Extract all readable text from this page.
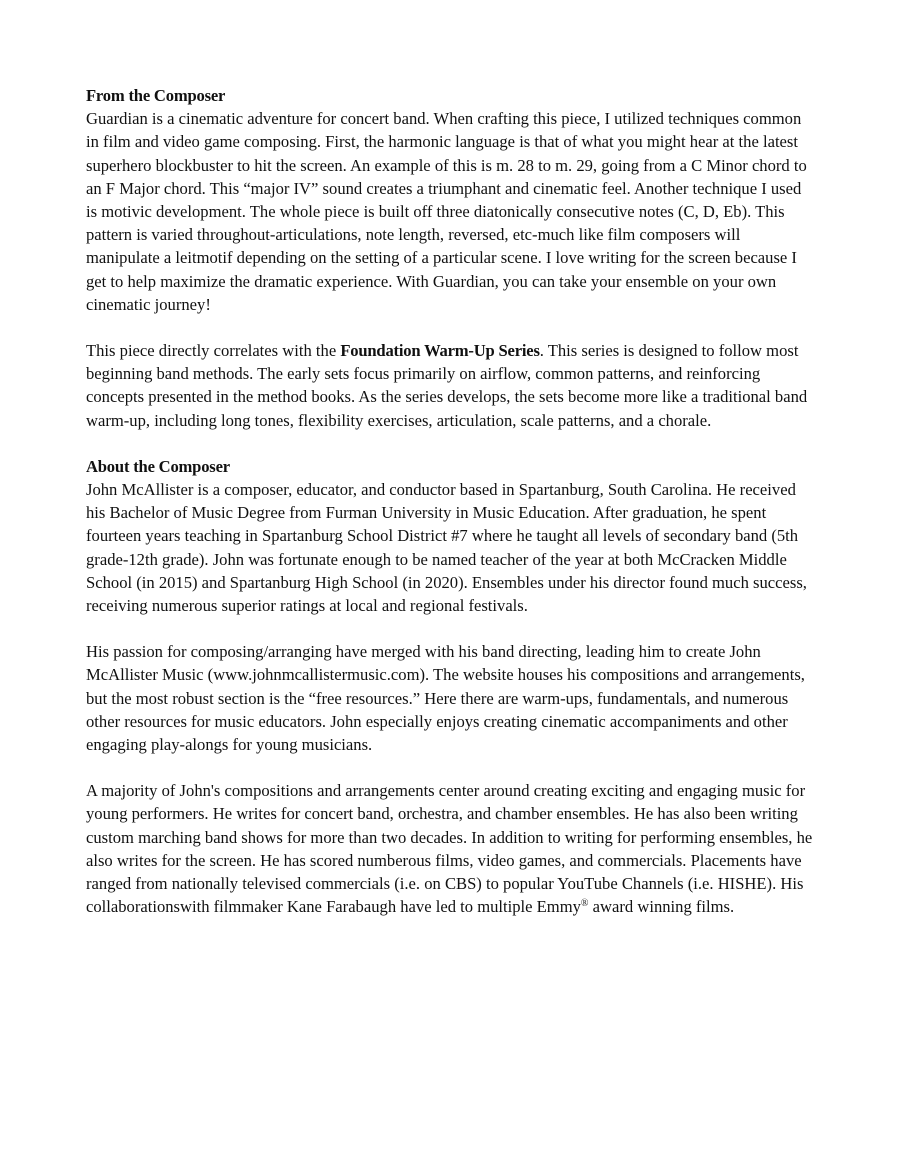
From the Composer

Guardian is a cinematic adventure for concert band. When crafting this piece, I utilized techniques common in film and video game composing. First, the harmonic language is that of what you might hear at the latest superhero blockbuster to hit the screen. An example of this is m. 28 to m. 29, going from a C Minor chord to an F Major chord. This “major IV” sound creates a triumphant and cinematic feel. Another technique I used is motivic development. The whole piece is built off three diatonically consecutive notes (C, D, Eb). This pattern is varied throughout-articulations, note length, reversed, etc-much like film composers will manipulate a leitmotif depending on the setting of a particular scene. I love writing for the screen because I get to help maximize the dramatic experience. With Guardian, you can take your ensemble on your own cinematic journey!

This piece directly correlates with the Foundation Warm-Up Series. This series is designed to follow most beginning band methods. The early sets focus primarily on airflow, common patterns, and reinforcing concepts presented in the method books. As the series develops, the sets become more like a traditional band warm-up, including long tones, flexibility exercises, articulation, scale patterns, and a chorale.

About the Composer

John McAllister is a composer, educator, and conductor based in Spartanburg, South Carolina. He received his Bachelor of Music Degree from Furman University in Music Education. After graduation, he spent fourteen years teaching in Spartanburg School District #7 where he taught all levels of secondary band (5th grade-12th grade). John was fortunate enough to be named teacher of the year at both McCracken Middle School (in 2015) and Spartanburg High School (in 2020). Ensembles under his director found much success, receiving numerous superior ratings at local and regional festivals.

His passion for composing/arranging have merged with his band directing, leading him to create John McAllister Music (www.johnmcallistermusic.com). The website houses his compositions and arrangements, but the most robust section is the “free resources.” Here there are warm-ups, fundamentals, and numerous other resources for music educators. John especially enjoys creating cinematic accompaniments and other engaging play-alongs for young musicians.

A majority of John's compositions and arrangements center around creating exciting and engaging music for young performers. He writes for concert band, orchestra, and chamber ensembles. He has also been writing custom marching band shows for more than two decades. In addition to writing for performing ensembles, he also writes for the screen. He has scored numberous films, video games, and commercials. Placements have ranged from nationally televised commercials (i.e. on CBS) to popular YouTube Channels (i.e. HISHE). His collaborationswith filmmaker Kane Farabaugh have led to multiple Emmy® award winning films.
